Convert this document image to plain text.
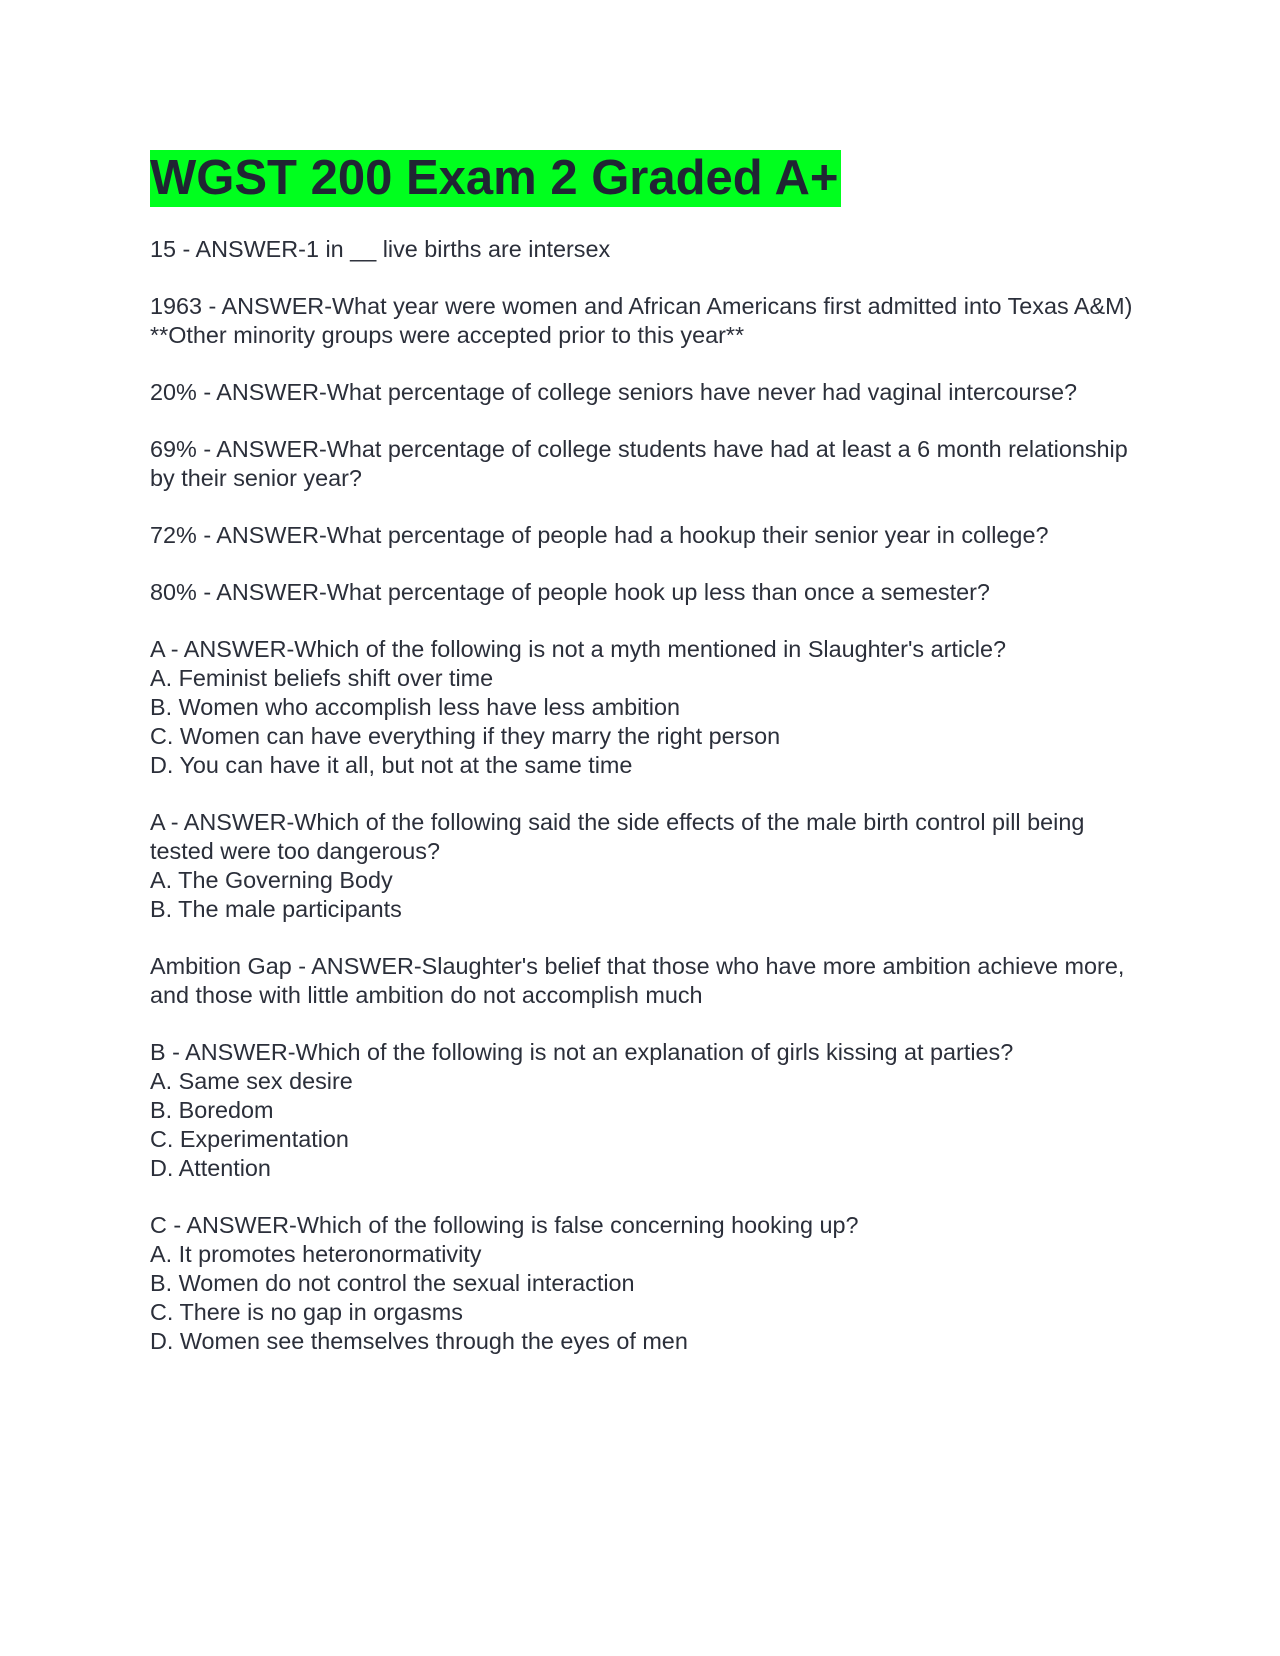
WGST 200 Exam 2 Graded A+
15 - ANSWER-1 in __ live births are intersex
1963 - ANSWER-What year were women and African Americans first admitted into Texas A&M)
**Other minority groups were accepted prior to this year**
20% - ANSWER-What percentage of college seniors have never had vaginal intercourse?
69% - ANSWER-What percentage of college students have had at least a 6 month relationship by their senior year?
72% - ANSWER-What percentage of people had a hookup their senior year in college?
80% - ANSWER-What percentage of people hook up less than once a semester?
A - ANSWER-Which of the following is not a myth mentioned in Slaughter's article?
A. Feminist beliefs shift over time
B. Women who accomplish less have less ambition
C. Women can have everything if they marry the right person
D. You can have it all, but not at the same time
A - ANSWER-Which of the following said the side effects of the male birth control pill being tested were too dangerous?
A. The Governing Body
B. The male participants
Ambition Gap - ANSWER-Slaughter's belief that those who have more ambition achieve more, and those with little ambition do not accomplish much
B - ANSWER-Which of the following is not an explanation of girls kissing at parties?
A. Same sex desire
B. Boredom
C. Experimentation
D. Attention
C - ANSWER-Which of the following is false concerning hooking up?
A. It promotes heteronormativity
B. Women do not control the sexual interaction
C. There is no gap in orgasms
D. Women see themselves through the eyes of men
